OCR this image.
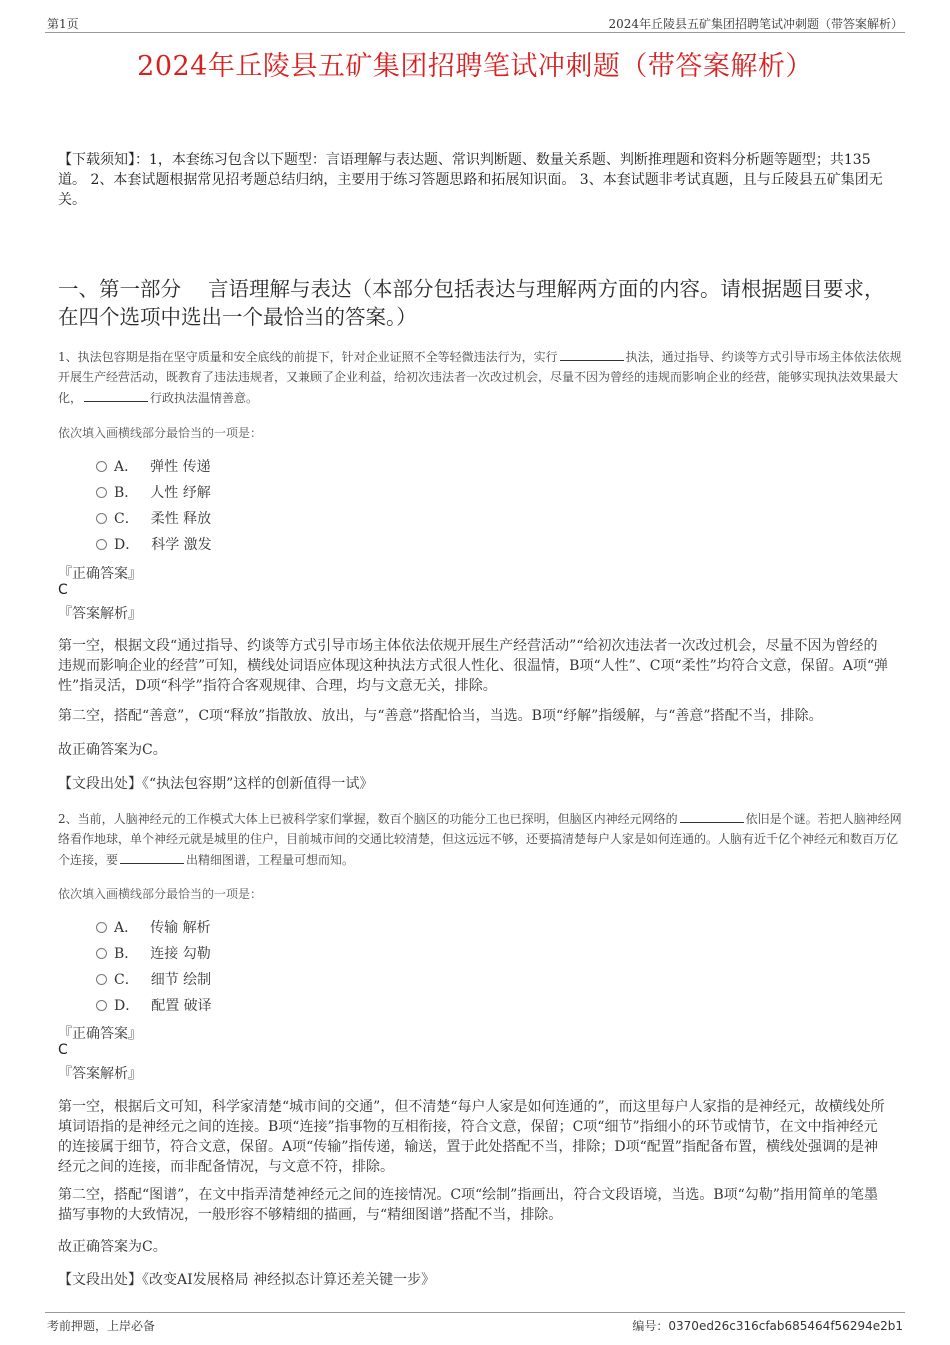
第1页	2024年丘陵县五矿集团招聘笔试冲刺题（带答案解析）
2024年丘陵县五矿集团招聘笔试冲刺题（带答案解析）
【下载须知】：1，本套练习包含以下题型：言语理解与表达题、常识判断题、数量关系题、判断推理题和资料分析题等题型；共135道。 2、本套试题根据常见招考题总结归纳，主要用于练习答题思路和拓展知识面。 3、本套试题非考试真题，且与丘陵县五矿集团无关。
一、第一部分　 言语理解与表达（本部分包括表达与理解两方面的内容。请根据题目要求，在四个选项中选出一个最恰当的答案。）
1、执法包容期是指在坚守质量和安全底线的前提下，针对企业证照不全等轻微违法行为，实行	执法，通过指导、约谈等方式引导市场主体依法依规开展生产经营活动，既教育了违法违规者，又兼顾了企业利益，给初次违法者一次改过机会，尽量不因为曾经的违规而影响企业的经营，能够实现执法效果最大化，	行政执法温情善意。
依次填入画横线部分最恰当的一项是：
A． 弹性 传递
B． 人性 纾解
C． 柔性 释放
D． 科学 激发
『正确答案』
C
『答案解析』
第一空，根据文段“通过指导、约谈等方式引导市场主体依法依规开展生产经营活动”“给初次违法者一次改过机会，尽量不因为曾经的违规而影响企业的经营”可知，横线处词语应体现这种执法方式很人性化、很温情，B项“人性”、C项“柔性”均符合文意，保留。A项“弹性”指灵活，D项“科学”指符合客观规律、合理，均与文意无关，排除。
第二空，搭配“善意”，C项“释放”指散放、放出，与“善意”搭配恰当，当选。B项“纾解”指缓解，与“善意”搭配不当，排除。
故正确答案为C。
【文段出处】《“执法包容期”这样的创新值得一试》
2、当前，人脑神经元的工作模式大体上已被科学家们掌握，数百个脑区的功能分工也已探明，但脑区内神经元网络的	依旧是个谜。若把人脑神经网络看作地球，单个神经元就是城里的住户，目前城市间的交通比较清楚，但这远远不够，还要搞清楚每户人家是如何连通的。人脑有近千亿个神经元和数百万亿个连接，要	出精细图谱，工程量可想而知。
依次填入画横线部分最恰当的一项是：
A． 传输 解析
B． 连接 勾勒
C． 细节 绘制
D． 配置 破译
『正确答案』
C
『答案解析』
第一空，根据后文可知，科学家清楚“城市间的交通”，但不清楚“每户人家是如何连通的”，而这里每户人家指的是神经元，故横线处所填词语指的是神经元之间的连接。B项“连接”指事物的互相衔接，符合文意，保留；C项“细节”指细小的环节或情节，在文中指神经元的连接属于细节，符合文意，保留。A项“传输”指传递，输送，置于此处搭配不当，排除；D项“配置”指配备布置，横线处强调的是神经元之间的连接，而非配备情况，与文意不符，排除。
第二空，搭配“图谱”，在文中指弄清楚神经元之间的连接情况。C项“绘制”指画出，符合文段语境，当选。B项“勾勒”指用简单的笔墨描写事物的大致情况，一般形容不够精细的描画，与“精细图谱”搭配不当，排除。
故正确答案为C。
【文段出处】《改变AI发展格局 神经拟态计算还差关键一步》
考前押题，上岸必备	编号：0370ed26c316cfab685464f56294e2b1
